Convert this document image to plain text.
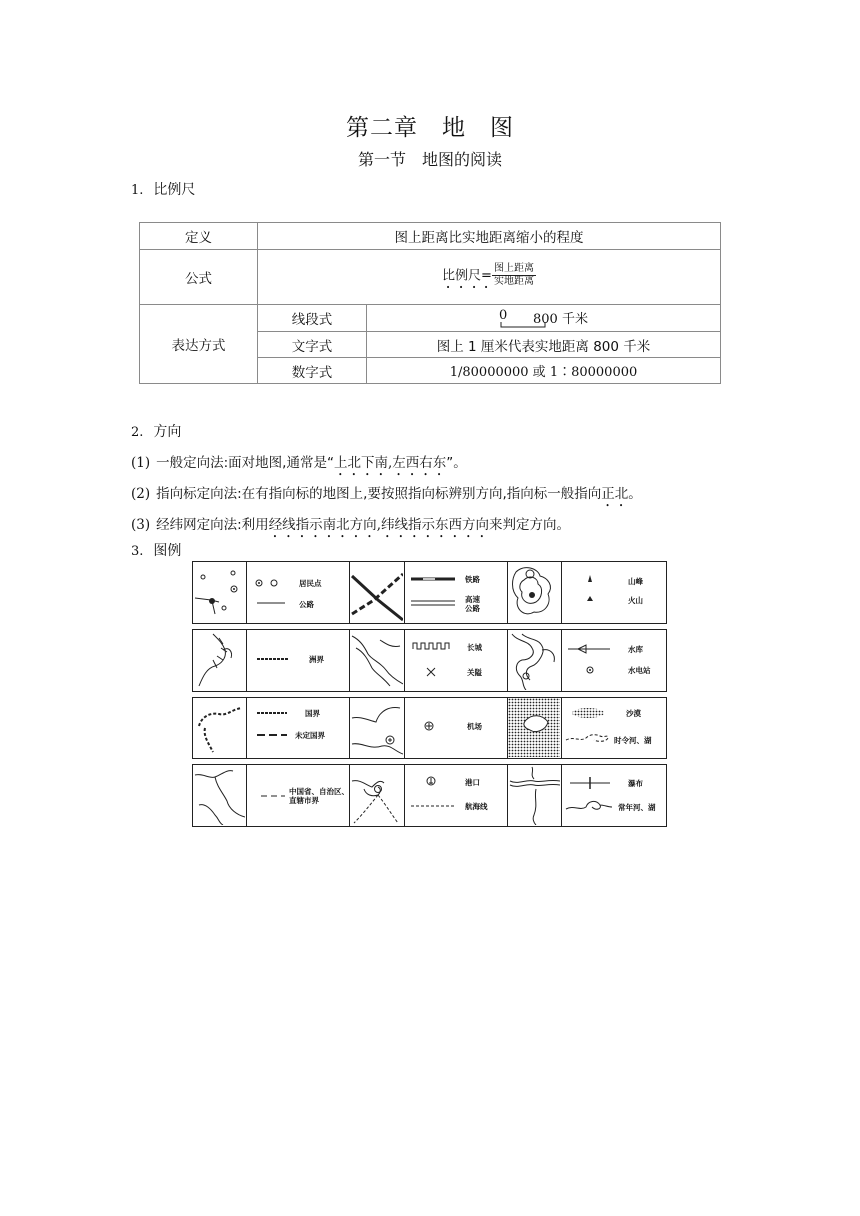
第二章　地　图
第一节　地图的阅读
1. 比例尺
定义	图上距离比实地距离缩小的程度	
公式	比例尺= $\frac{\text{图上距离}}{\text{实地距离}}$

表达方式	线段式	0 800 千米

	文字式	图上 1 厘米代表实地距离 800 千米
	数字式	1/80000000 或 1∶80000000
2. 方向
(1) 一般定向法:面对地图,通常是“上北下南,左西右东”。
(2) 指向标定向法:在有指向标的地图上,要按照指向标辨别方向,指向标一般指向正北。
(3) 经纬网定向法:利用经线指示南北方向,纬线指示东西方向来判定方向。
3. 图例
居民点
公路
铁路
高速
公路
山峰
火山
洲界
长城
关隘
水库
水电站
国界
未定国界
机场
沙漠
时令河、湖
中国省、自治区、
直辖市界
港口
航海线
瀑布
常年河、湖
